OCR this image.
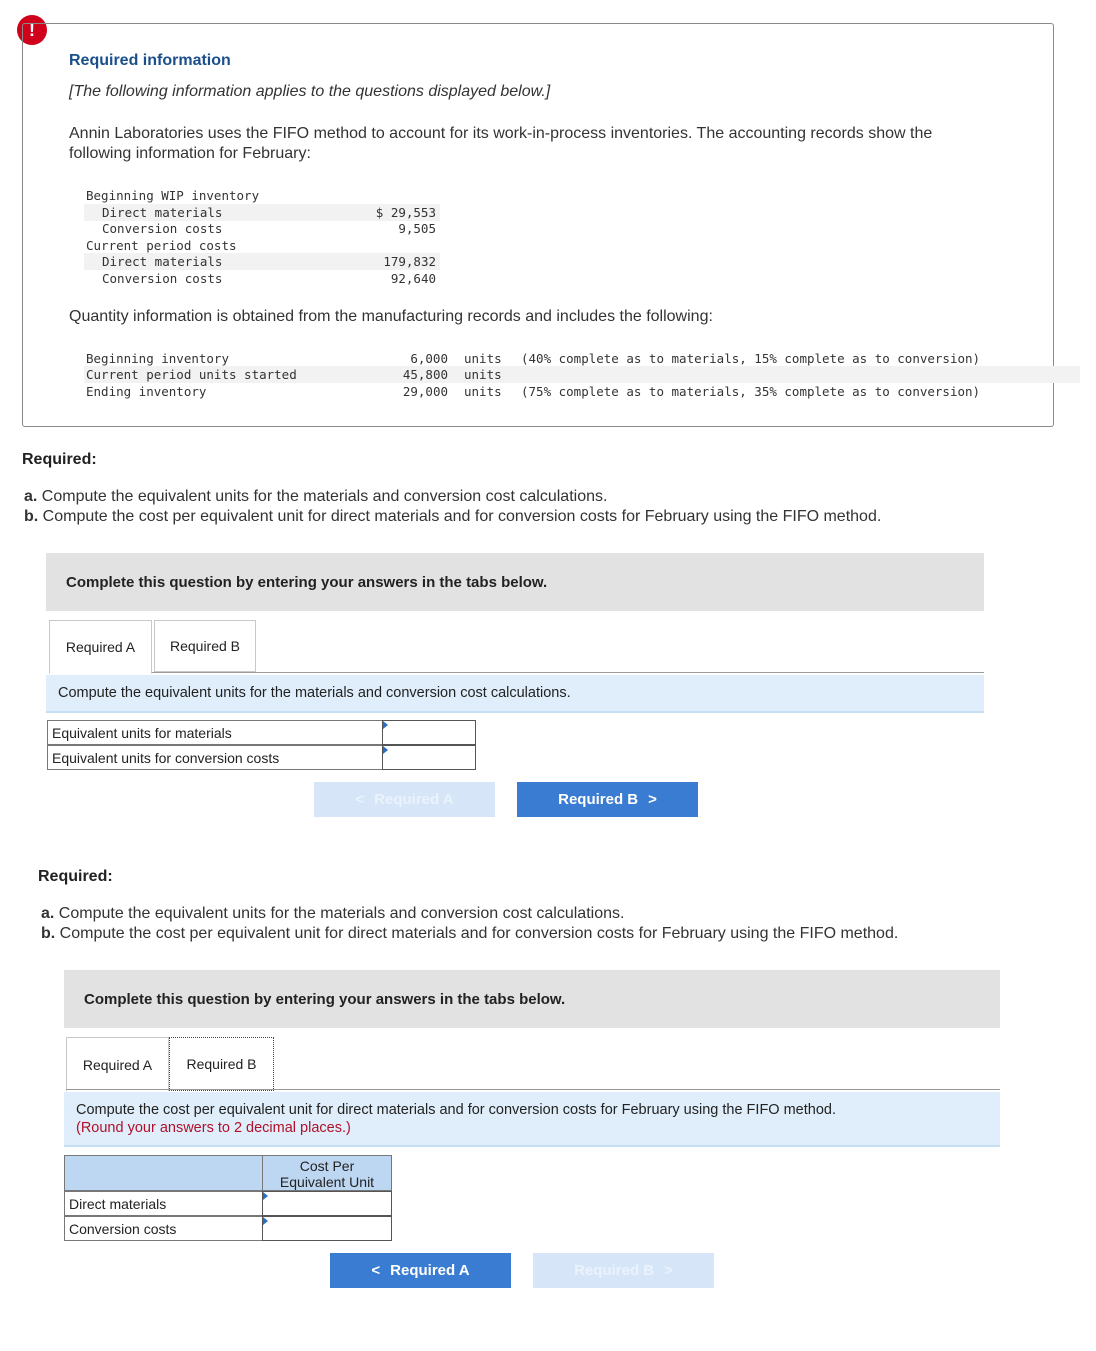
!
Required information
[The following information applies to the questions displayed below.]
Annin Laboratories uses the FIFO method to account for its work-in-process inventories. The accounting records show the
following information for February:
Beginning WIP inventory
Direct materials	$ 29,553
Conversion costs	9,505
Current period costs
Direct materials	179,832
Conversion costs	92,640
Quantity information is obtained from the manufacturing records and includes the following:
Beginning inventory	6,000 units (40% complete as to materials, 15% complete as to conversion)
Current period units started	45,800 units
Ending inventory	29,000 units (75% complete as to materials, 35% complete as to conversion)
Required:
a. Compute the equivalent units for the materials and conversion cost calculations.
b. Compute the cost per equivalent unit for direct materials and for conversion costs for February using the FIFO method.
Complete this question by entering your answers in the tabs below.
Required A	Required B
Compute the equivalent units for the materials and conversion cost calculations.
Equivalent units for materials
Equivalent units for conversion costs
< Required A	Required B >
Required:
a. Compute the equivalent units for the materials and conversion cost calculations.
b. Compute the cost per equivalent unit for direct materials and for conversion costs for February using the FIFO method.
Complete this question by entering your answers in the tabs below.
Required A	Required B
Compute the cost per equivalent unit for direct materials and for conversion costs for February using the FIFO method.
(Round your answers to 2 decimal places.)
Cost Per
Equivalent Unit
Direct materials
Conversion costs
< Required A	Required B >
